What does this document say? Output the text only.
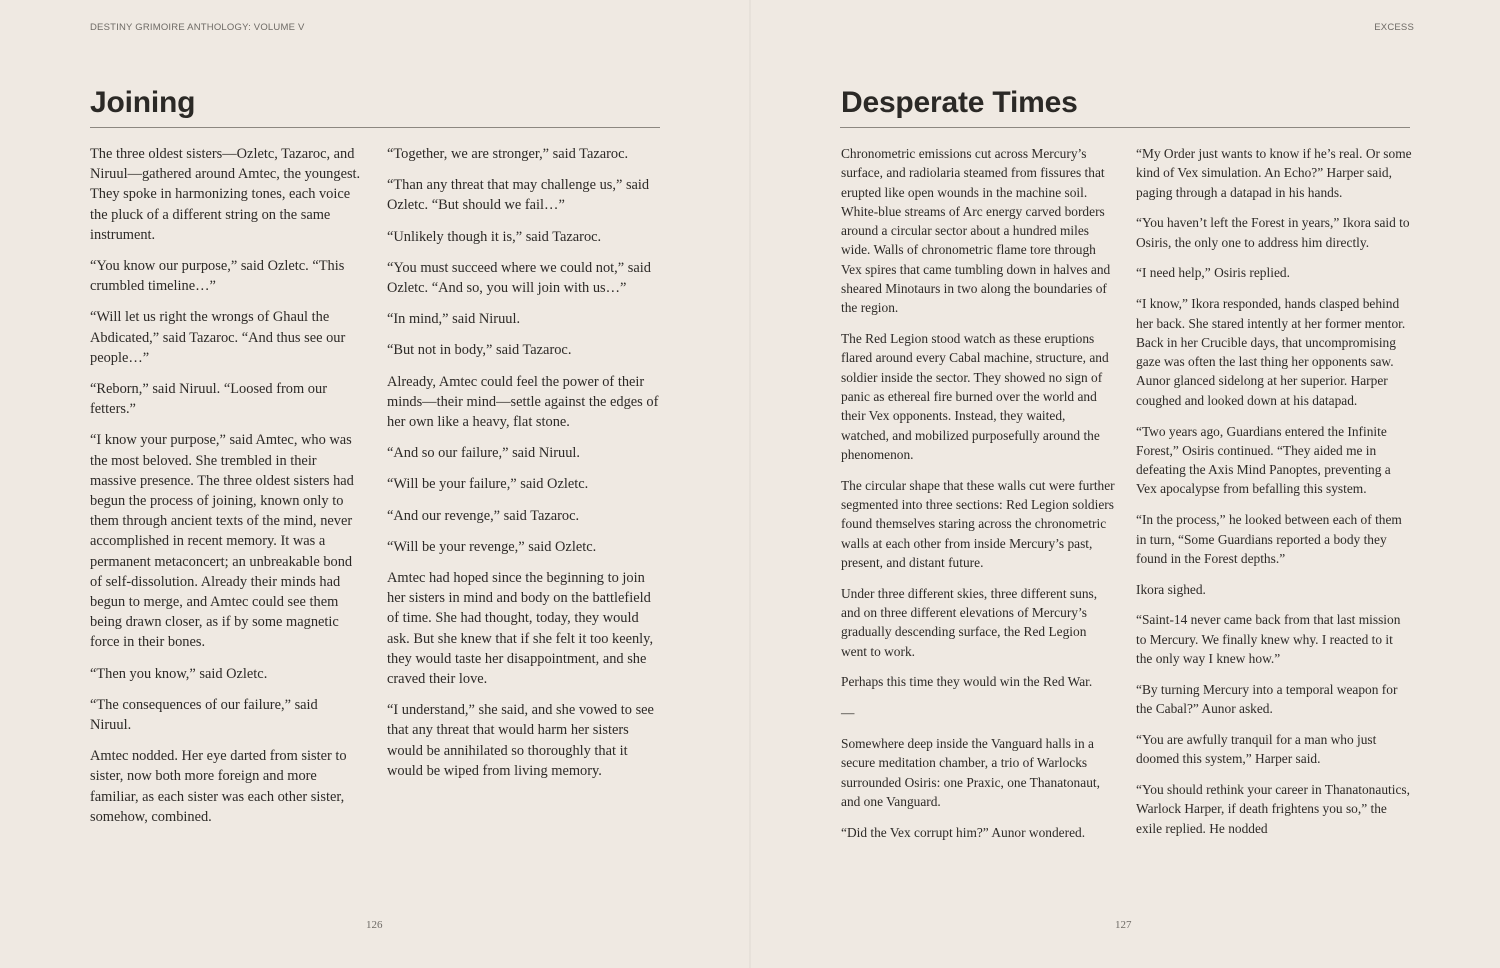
DESTINY GRIMOIRE ANTHOLOGY: VOLUME V
Joining

The three oldest sisters—Ozletc, Tazaroc, and Niruul—gathered around Amtec, the youngest. They spoke in harmonizing tones, each voice the pluck of a different string on the same instrument.

“You know our purpose,” said Ozletc. “This crumbled timeline…”

“Will let us right the wrongs of Ghaul the Abdicated,” said Tazaroc. “And thus see our people…”

“Reborn,” said Niruul. “Loosed from our fetters.”

“I know your purpose,” said Amtec, who was the most beloved. She trembled in their massive presence. The three oldest sisters had begun the process of joining, known only to them through ancient texts of the mind, never accomplished in recent memory. It was a permanent metaconcert; an unbreakable bond of self-dissolution. Already their minds had begun to merge, and Amtec could see them being drawn closer, as if by some magnetic force in their bones.

“Then you know,” said Ozletc.

“The consequences of our failure,” said Niruul.

Amtec nodded. Her eye darted from sister to sister, now both more foreign and more familiar, as each sister was each other sister, somehow, combined.

“Together, we are stronger,” said Tazaroc.

“Than any threat that may challenge us,” said Ozletc. “But should we fail…”

“Unlikely though it is,” said Tazaroc.

“You must succeed where we could not,” said Ozletc. “And so, you will join with us…”

“In mind,” said Niruul.

“But not in body,” said Tazaroc.

Already, Amtec could feel the power of their minds—their mind—settle against the edges of her own like a heavy, flat stone.

“And so our failure,” said Niruul.

“Will be your failure,” said Ozletc.

“And our revenge,” said Tazaroc.

“Will be your revenge,” said Ozletc.

Amtec had hoped since the beginning to join her sisters in mind and body on the battlefield of time. She had thought, today, they would ask. But she knew that if she felt it too keenly, they would taste her disappointment, and she craved their love.

“I understand,” she said, and she vowed to see that any threat that would harm her sisters would be annihilated so thoroughly that it would be wiped from living memory.

126
EXCESS
Desperate Times

Chronometric emissions cut across Mercury’s surface, and radiolaria steamed from fissures that erupted like open wounds in the machine soil. White-blue streams of Arc energy carved borders around a circular sector about a hundred miles wide. Walls of chronometric flame tore through Vex spires that came tumbling down in halves and sheared Minotaurs in two along the boundaries of the region.

The Red Legion stood watch as these eruptions flared around every Cabal machine, structure, and soldier inside the sector. They showed no sign of panic as ethereal fire burned over the world and their Vex opponents. Instead, they waited, watched, and mobilized purposefully around the phenomenon.

The circular shape that these walls cut were further segmented into three sections: Red Legion soldiers found themselves staring across the chronometric walls at each other from inside Mercury’s past, present, and distant future.

Under three different skies, three different suns, and on three different elevations of Mercury’s gradually descending surface, the Red Legion went to work.

Perhaps this time they would win the Red War.

—

Somewhere deep inside the Vanguard halls in a secure meditation chamber, a trio of Warlocks surrounded Osiris: one Praxic, one Thanatonaut, and one Vanguard.

“Did the Vex corrupt him?” Aunor wondered.

“My Order just wants to know if he’s real. Or some kind of Vex simulation. An Echo?” Harper said, paging through a datapad in his hands.

“You haven’t left the Forest in years,” Ikora said to Osiris, the only one to address him directly.

“I need help,” Osiris replied.

“I know,” Ikora responded, hands clasped behind her back. She stared intently at her former mentor. Back in her Crucible days, that uncompromising gaze was often the last thing her opponents saw. Aunor glanced sidelong at her superior. Harper coughed and looked down at his datapad.

“Two years ago, Guardians entered the Infinite Forest,” Osiris continued. “They aided me in defeating the Axis Mind Panoptes, preventing a Vex apocalypse from befalling this system.

“In the process,” he looked between each of them in turn, “Some Guardians reported a body they found in the Forest depths.”

Ikora sighed.

“Saint-14 never came back from that last mission to Mercury. We finally knew why. I reacted to it the only way I knew how.”

“By turning Mercury into a temporal weapon for the Cabal?” Aunor asked.

“You are awfully tranquil for a man who just doomed this system,” Harper said.

“You should rethink your career in Thanatonautics, Warlock Harper, if death frightens you so,” the exile replied. He nodded

127
